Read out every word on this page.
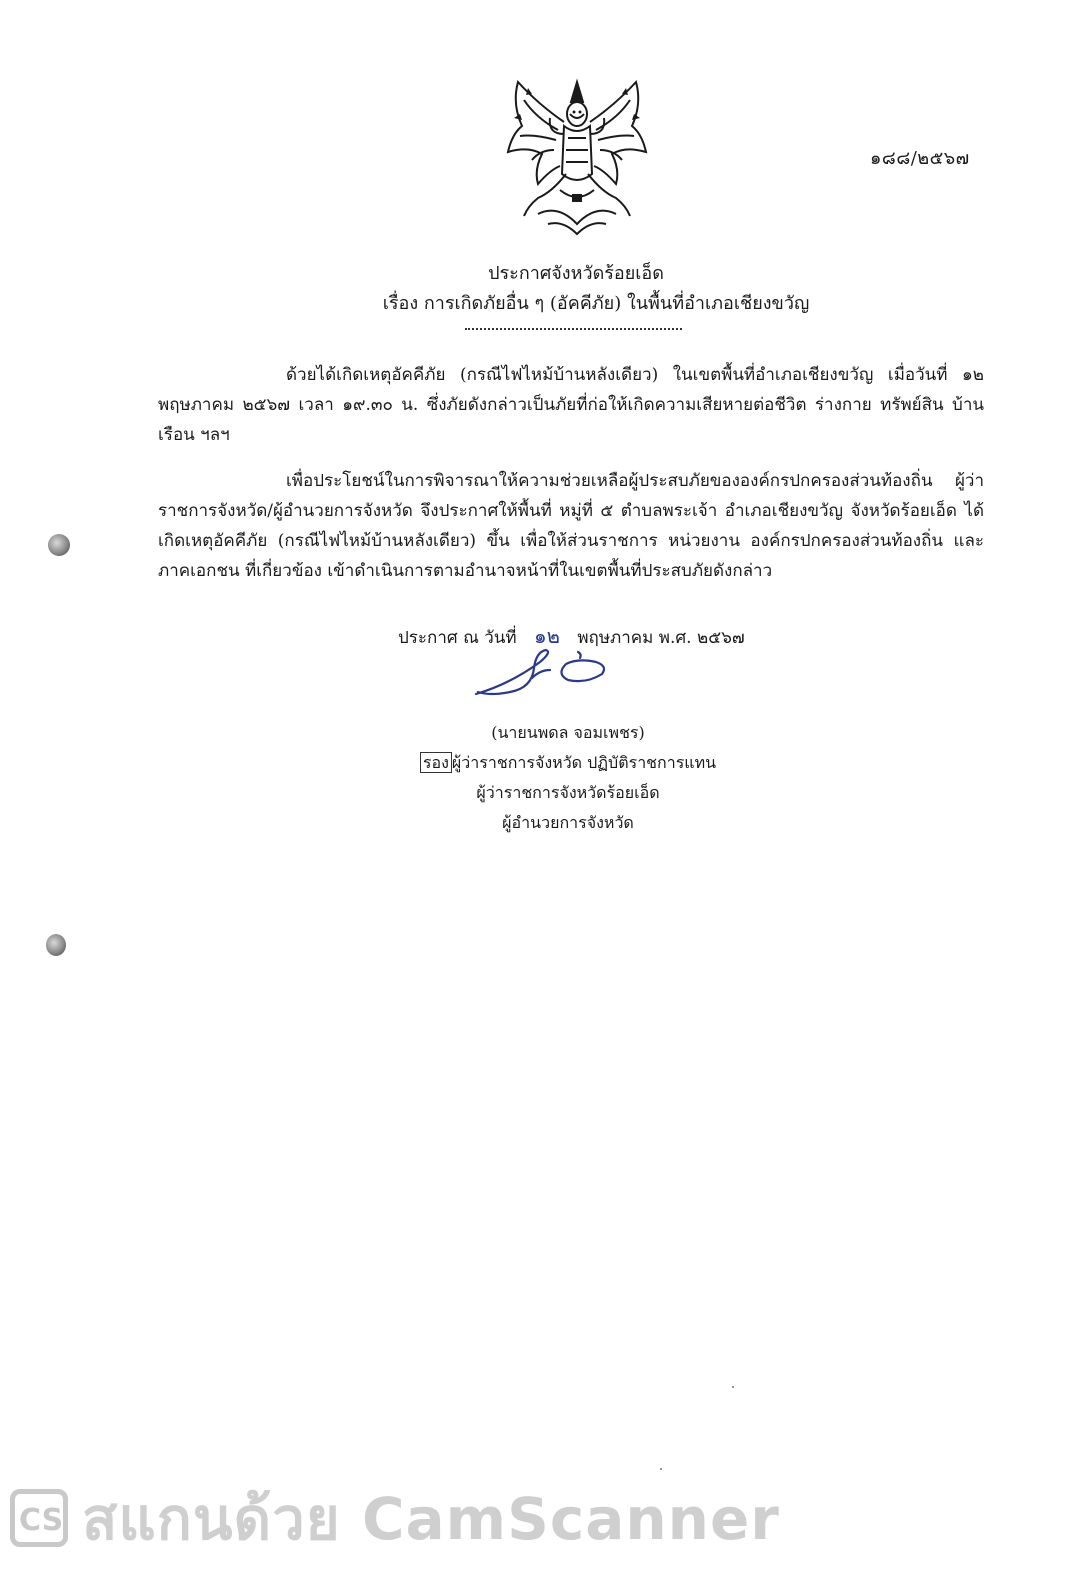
๑๘๘/๒๕๖๗
ประกาศจังหวัดร้อยเอ็ด
เรื่อง การเกิดภัยอื่น ๆ (อัคคีภัย) ในพื้นที่อำเภอเชียงขวัญ
ด้วยได้เกิดเหตุอัคคีภัย (กรณีไฟไหม้บ้านหลังเดียว) ในเขตพื้นที่อำเภอเชียงขวัญ เมื่อวันที่ ๑๒ พฤษภาคม ๒๕๖๗ เวลา ๑๙.๓๐ น. ซึ่งภัยดังกล่าวเป็นภัยที่ก่อให้เกิดความเสียหายต่อชีวิต ร่างกาย ทรัพย์สิน บ้านเรือน ฯลฯ
เพื่อประโยชน์ในการพิจารณาให้ความช่วยเหลือผู้ประสบภัยขององค์กรปกครองส่วนท้องถิ่น ผู้ว่าราชการจังหวัด/ผู้อำนวยการจังหวัด จึงประกาศให้พื้นที่ หมู่ที่ ๕ ตำบลพระเจ้า อำเภอเชียงขวัญ จังหวัดร้อยเอ็ด ได้เกิดเหตุอัคคีภัย (กรณีไฟไหม้บ้านหลังเดียว) ขึ้น เพื่อให้ส่วนราชการ หน่วยงาน องค์กรปกครองส่วนท้องถิ่น และภาคเอกชน ที่เกี่ยวข้อง เข้าดำเนินการตามอำนาจหน้าที่ในเขตพื้นที่ประสบภัยดังกล่าว
ประกาศ ณ วันที่ ๑๒ พฤษภาคม พ.ศ. ๒๕๖๗
(นายนพดล จอมเพชร)
รอง ผู้ว่าราชการจังหวัด ปฏิบัติราชการแทน
ผู้ว่าราชการจังหวัดร้อยเอ็ด
ผู้อำนวยการจังหวัด
CS สแกนด้วย CamScanner
